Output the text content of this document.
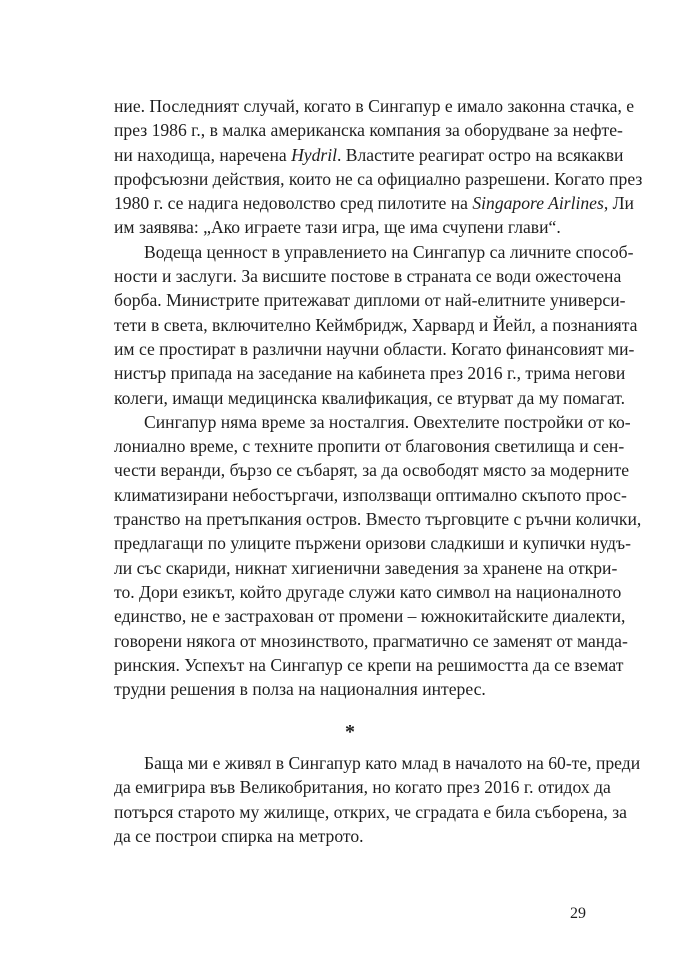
ние. Последният случай, когато в Сингапур е имало законна стачка, е
през 1986 г., в малка американска компания за оборудване за нефте-
ни находища, наречена Hydril. Властите реагират остро на всякакви
профсъюзни действия, които не са официално разрешени. Когато през
1980 г. се надига недоволство сред пилотите на Singapore Airlines, Ли
им заявява: „Ако играете тази игра, ще има счупени глави“.
Водеща ценност в управлението на Сингапур са личните способ-
ности и заслуги. За висшите постове в страната се води ожесточена
борба. Министрите притежават дипломи от най-елитните универси-
тети в света, включително Кеймбридж, Харвард и Йейл, а познанията
им се простират в различни научни области. Когато финансовият ми-
нистър припада на заседание на кабинета през 2016 г., трима негови
колеги, имащи медицинска квалификация, се втурват да му помагат.
Сингапур няма време за носталгия. Овехтелите постройки от ко-
лониално време, с техните пропити от благовония светилища и сен-
чести веранди, бързо се събарят, за да освободят място за модерните
климатизирани небостъргачи, използващи оптимално скъпото прос-
транство на претъпкания остров. Вместо търговците с ръчни колички,
предлагащи по улиците пържени оризови сладкиши и купички нудъ-
ли със скариди, никнат хигиенични заведения за хранене на откри-
то. Дори езикът, който другаде служи като символ на националното
единство, не е застрахован от промени – южнокитайските диалекти,
говорени някога от мнозинството, прагматично се заменят от манда-
ринския. Успехът на Сингапур се крепи на решимостта да се вземат
трудни решения в полза на националния интерес.
*
Баща ми е живял в Сингапур като млад в началото на 60-те, преди
да емигрира във Великобритания, но когато през 2016 г. отидох да
потърся старото му жилище, открих, че сградата е била съборена, за
да се построи спирка на метрото.
29
